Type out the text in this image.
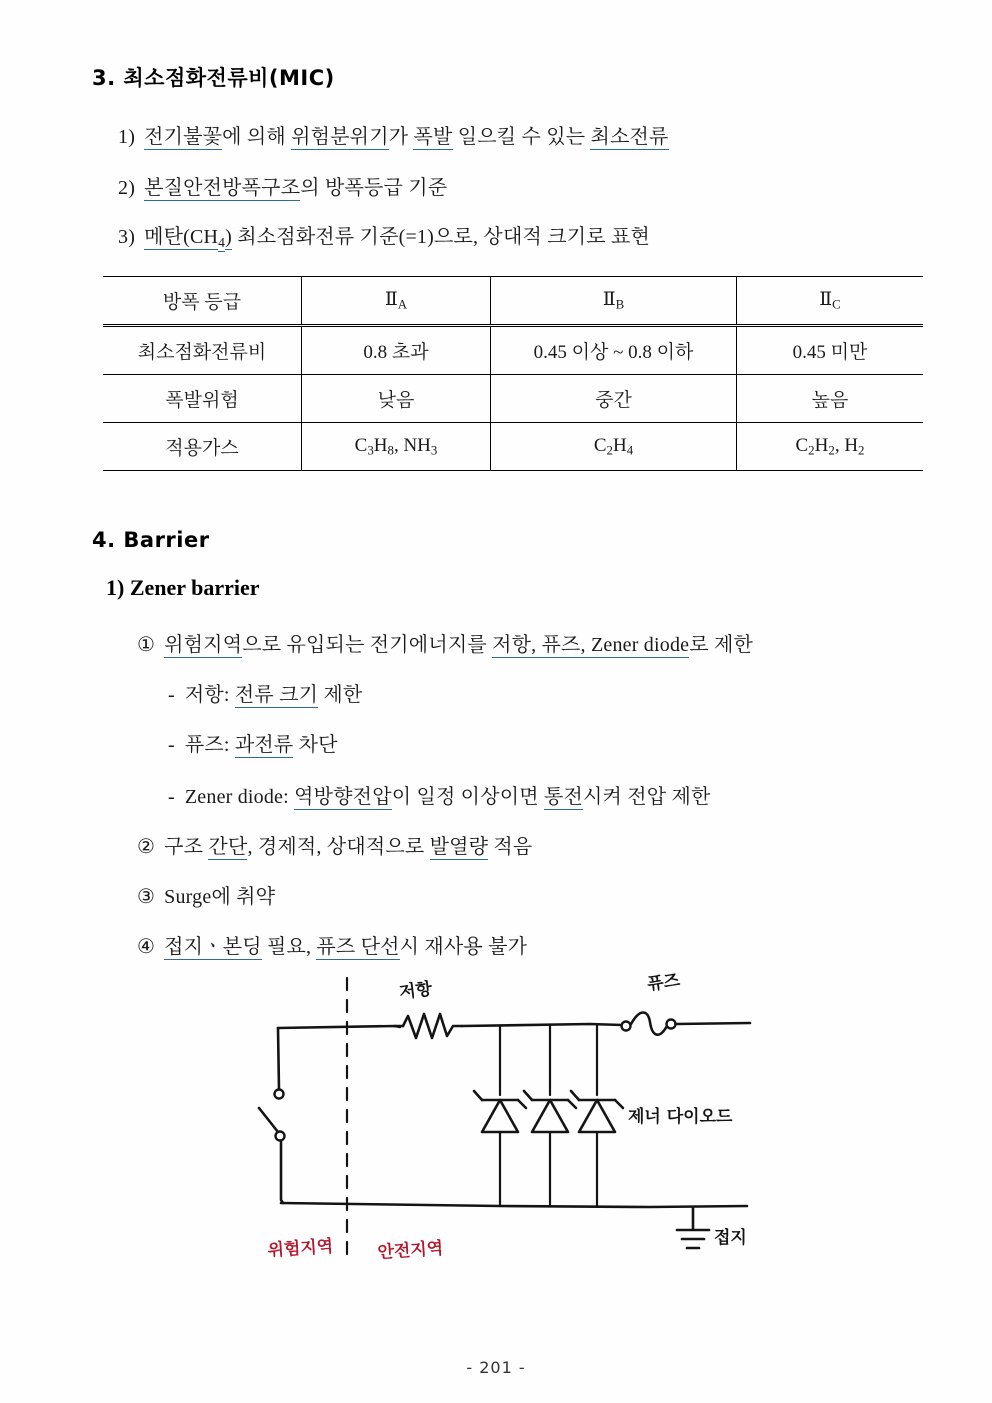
3. 최소점화전류비(MIC)
1) 전기불꽃에 의해 위험분위기가 폭발 일으킬 수 있는 최소전류
2) 본질안전방폭구조의 방폭등급 기준
3) 메탄$(CH_4)$ 최소점화전류 기준(=1)으로, 상대적 크기로 표현
방폭 등급	$Ⅱ_A$	$Ⅱ_B$	$Ⅱ_C$
최소점화전류비	0.8 초과	0.45 이상 ~ 0.8 이하	0.45 미만
폭발위험	낮음	중간	높음
적용가스	$C_3H_8$, $NH_3$	$C_2H_4$	$C_2H_2$, $H_2$
4. Barrier
1) Zener barrier
① 위험지역으로 유입되는 전기에너지를 저항, 퓨즈, Zener diode로 제한
- 저항: 전류 크기 제한
- 퓨즈: 과전류 차단
- Zener diode: 역방향전압이 일정 이상이면 통전시켜 전압 제한
② 구조 간단, 경제적, 상대적으로 발열량 적음
③ Surge에 취약
④ 접지ㆍ본딩 필요, 퓨즈 단선시 재사용 불가
저항	퓨즈
제너 다이오드
접지
위험지역	안전지역
- 201 -
